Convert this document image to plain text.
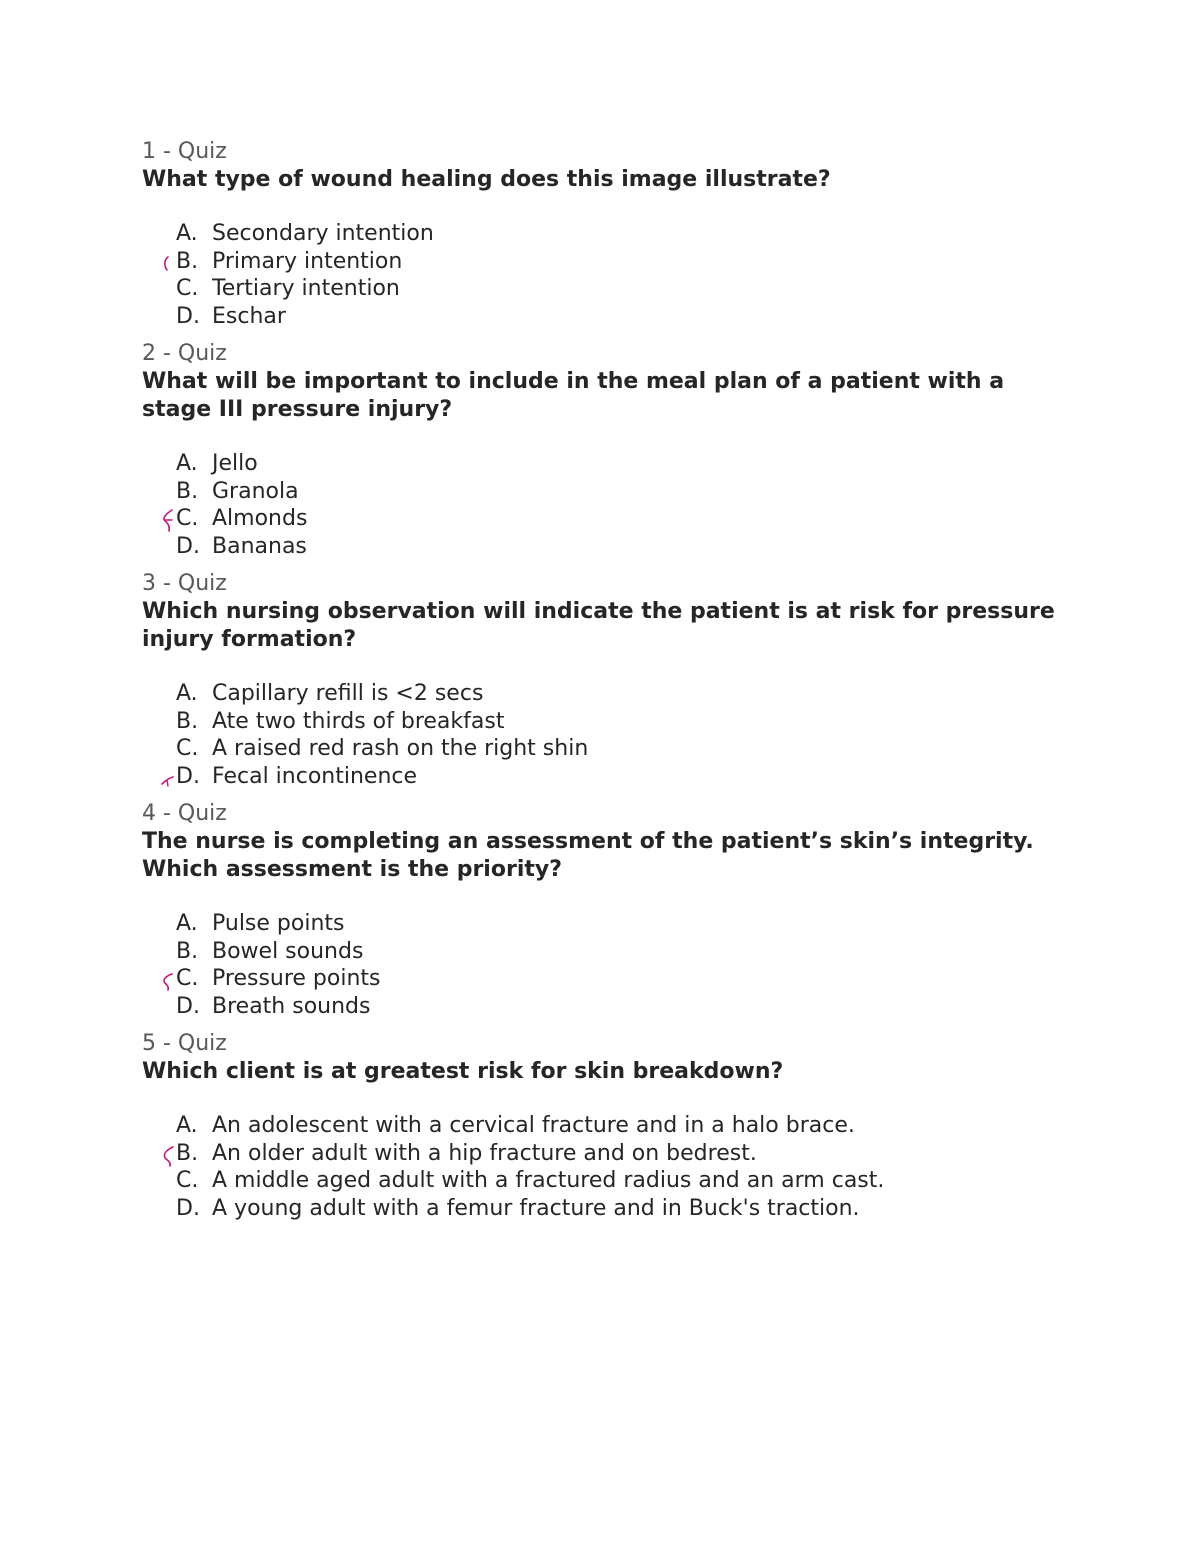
1 - Quiz

What type of wound healing does this image illustrate?

A. Secondary intention
B. Primary intention
C. Tertiary intention
D. Eschar

2 - Quiz

What will be important to include in the meal plan of a patient with a stage III pressure injury?

A. Jello
B. Granola
C. Almonds
D. Bananas

3 - Quiz

Which nursing observation will indicate the patient is at risk for pressure injury formation?

A. Capillary refill is <2 secs
B. Ate two thirds of breakfast
C. A raised red rash on the right shin
D. Fecal incontinence

4 - Quiz

The nurse is completing an assessment of the patient’s skin’s integrity. Which assessment is the priority?

A. Pulse points
B. Bowel sounds
C. Pressure points
D. Breath sounds

5 - Quiz

Which client is at greatest risk for skin breakdown?

A. An adolescent with a cervical fracture and in a halo brace.
B. An older adult with a hip fracture and on bedrest.
C. A middle aged adult with a fractured radius and an arm cast.
D. A young adult with a femur fracture and in Buck's traction.
